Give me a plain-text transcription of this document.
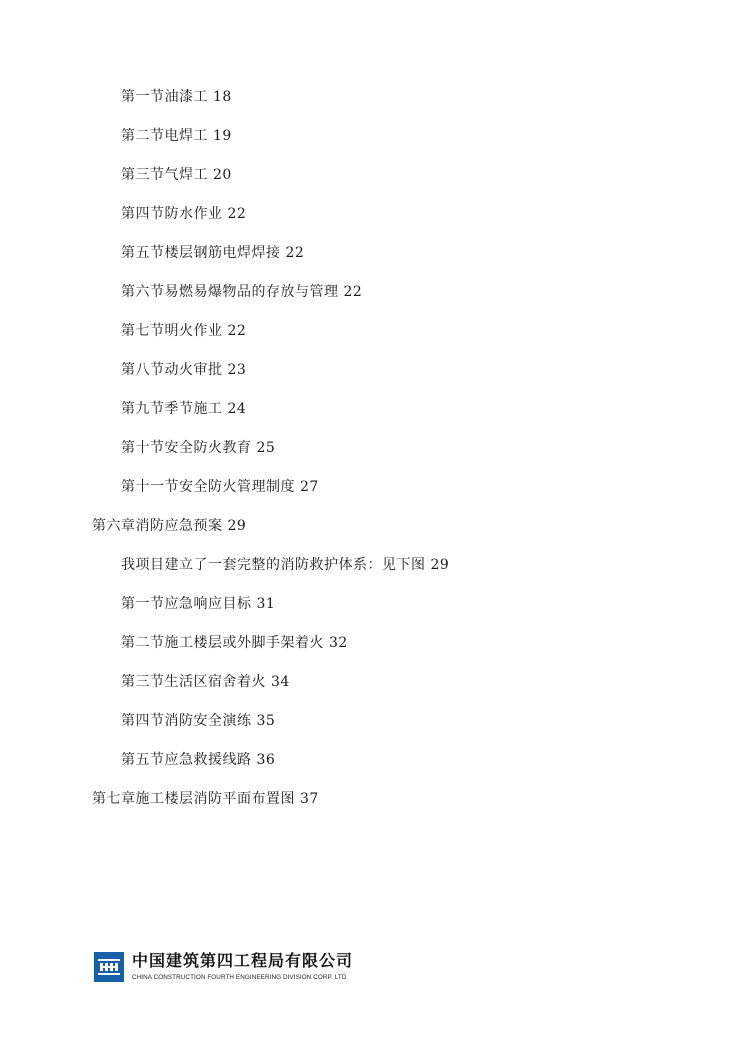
第一节油漆工 18
第二节电焊工 19
第三节气焊工 20
第四节防水作业 22
第五节楼层钢筋电焊焊接 22
第六节易燃易爆物品的存放与管理 22
第七节明火作业 22
第八节动火审批 23
第九节季节施工 24
第十节安全防火教育 25
第十一节安全防火管理制度 27
第六章消防应急预案 29
我项目建立了一套完整的消防救护体系：见下图 29
第一节应急响应目标 31
第二节施工楼层或外脚手架着火 32
第三节生活区宿舍着火 34
第四节消防安全演练 35
第五节应急救援线路 36
第七章施工楼层消防平面布置图 37
中国建筑第四工程局有限公司
CHINA CONSTRUCTION FOURTH ENGINEERING DIVISION CORP. LTD
